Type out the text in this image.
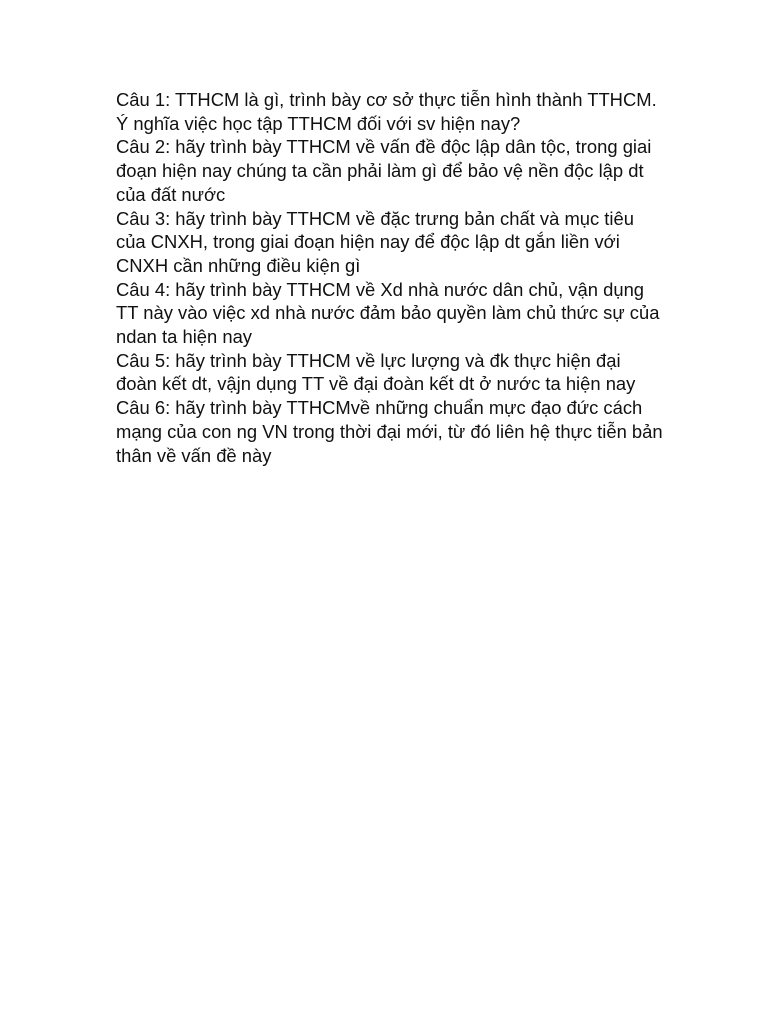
Câu 1: TTHCM là gì, trình bày cơ sở thực tiễn hình thành TTHCM. Ý nghĩa việc học tập TTHCM đối với sv hiện nay?

Câu 2: hãy trình bày TTHCM về vấn đề độc lập dân tộc, trong giai đoạn hiện nay chúng ta cần phải làm gì để bảo vệ nền độc lập dt của đất nước

Câu 3: hãy trình bày TTHCM về đặc trưng bản chất và mục tiêu của CNXH, trong giai đoạn hiện nay để độc lập dt gắn liền với CNXH cần những điều kiện gì

Câu 4: hãy trình bày TTHCM về Xd nhà nước dân chủ, vận dụng TT này vào việc xd nhà nước đảm bảo quyền làm chủ thức sự của ndan ta hiện nay

Câu 5: hãy trình bày TTHCM về lực lượng và đk thực hiện đại đoàn kết dt, vậjn dụng TT về đại đoàn kết dt ở nước ta hiện nay

Câu 6: hãy trình bày TTHCMvề những chuẩn mực đạo đức cách mạng của con ng VN trong thời đại mới, từ đó liên hệ thực tiễn bản thân về vấn đề này
